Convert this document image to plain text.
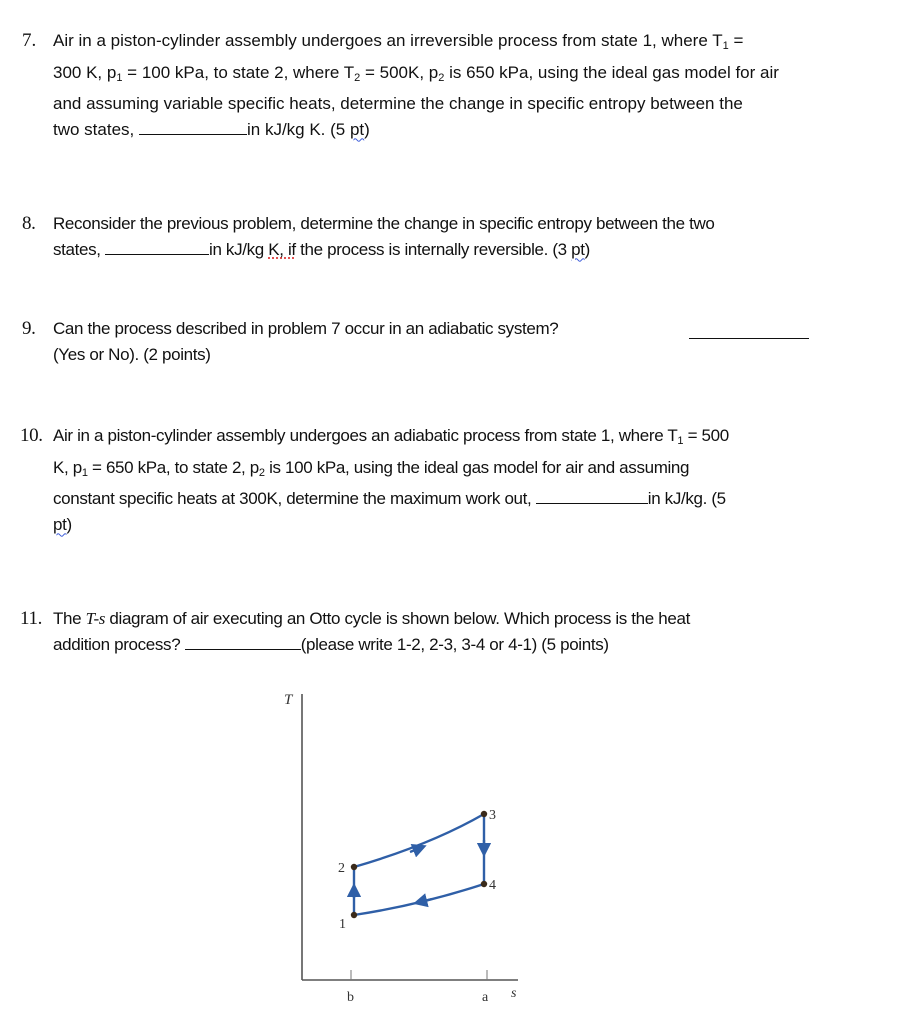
7. Air in a piston-cylinder assembly undergoes an irreversible process from state 1, where $T_1$ =
300 K, $p_1 = 100$ kPa, to state 2, where $T_2 = 500K$, $p_2$ is 650 kPa, using the ideal gas model for air
and assuming variable specific heats, determine the change in specific entropy between the
two states,	in kJ/kg K. (5 pt)
8.	Reconsider the previous problem, determine the change in specific entropy between the two
states,	in kJ/kg K, if the process is internally reversible. (3 pt)
9.	Can the process described in problem 7 occur in an adiabatic system?
(Yes or No). (2 points)
10. Air in a piston-cylinder assembly undergoes an adiabatic process from state 1, where $T_1 = 500$
K, $p_1 = 650$ kPa, to state 2, $p_2$ is 100 kPa, using the ideal gas model for air and assuming
constant specific heats at 300K, determine the maximum work out,	in kJ/kg. (5
pt)
11. The T-s diagram of air executing an Otto cycle is shown below. Which process is the heat
addition process?	(please write 1-2, 2-3, 3-4 or 4-1) (5 points)
T
s
b	a
1
2
3
4
